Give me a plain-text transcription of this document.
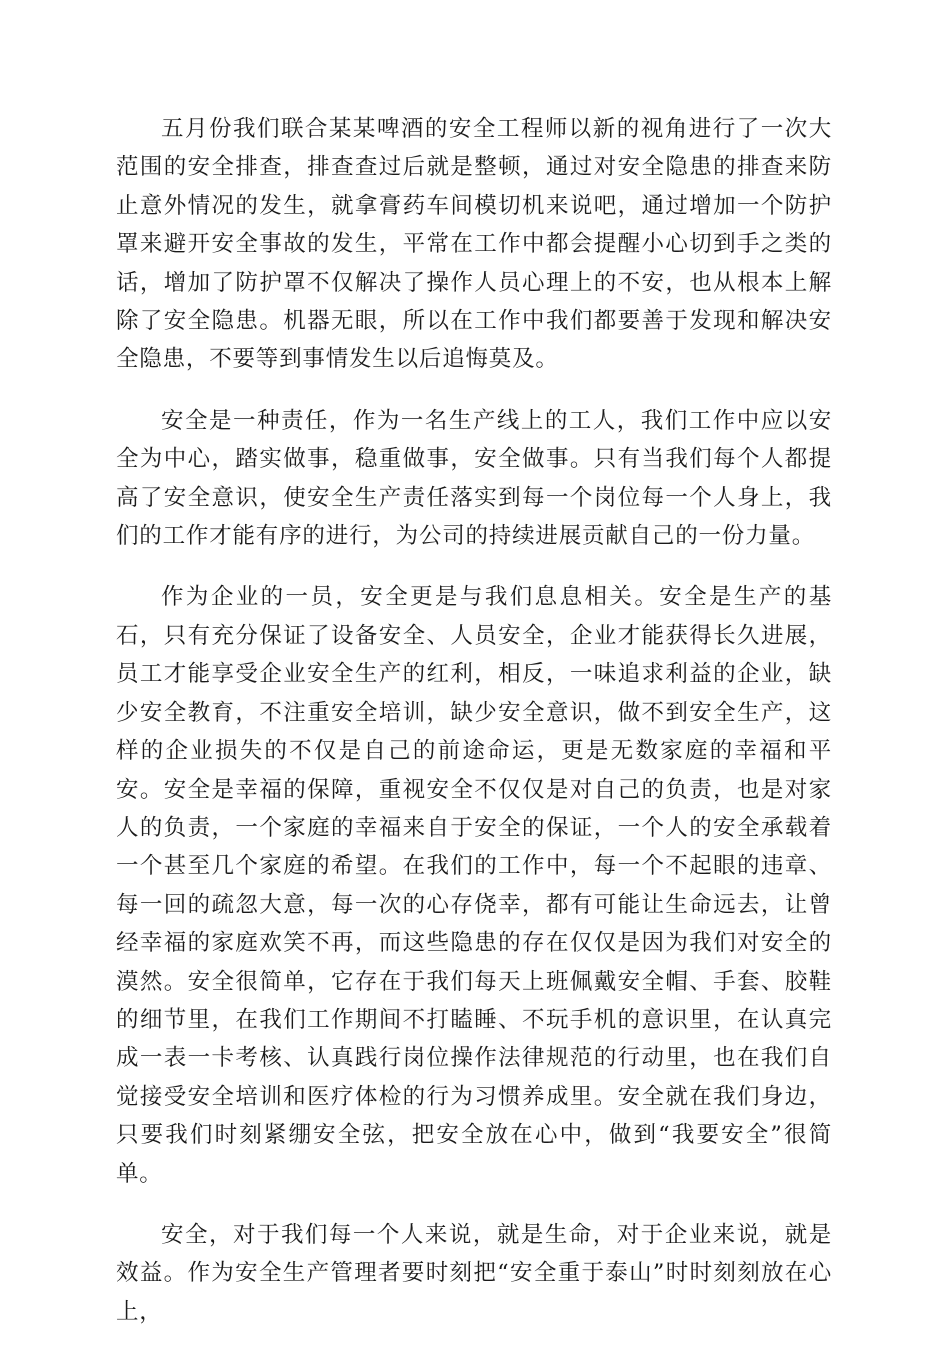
五月份我们联合某某啤酒的安全工程师以新的视角进行了一次大范围的安全排查，排查查过后就是整顿，通过对安全隐患的排查来防止意外情况的发生，就拿膏药车间模切机来说吧，通过增加一个防护罩来避开安全事故的发生，平常在工作中都会提醒小心切到手之类的话，增加了防护罩不仅解决了操作人员心理上的不安，也从根本上解除了安全隐患。机器无眼，所以在工作中我们都要善于发现和解决安全隐患，不要等到事情发生以后追悔莫及。

安全是一种责任，作为一名生产线上的工人，我们工作中应以安全为中心，踏实做事，稳重做事，安全做事。只有当我们每个人都提高了安全意识，使安全生产责任落实到每一个岗位每一个人身上，我们的工作才能有序的进行，为公司的持续进展贡献自己的一份力量。

作为企业的一员，安全更是与我们息息相关。安全是生产的基石，只有充分保证了设备安全、人员安全，企业才能获得长久进展，员工才能享受企业安全生产的红利，相反，一味追求利益的企业，缺少安全教育，不注重安全培训，缺少安全意识，做不到安全生产，这样的企业损失的不仅是自己的前途命运，更是无数家庭的幸福和平安。安全是幸福的保障，重视安全不仅仅是对自己的负责，也是对家人的负责，一个家庭的幸福来自于安全的保证，一个人的安全承载着一个甚至几个家庭的希望。在我们的工作中，每一个不起眼的违章、每一回的疏忽大意，每一次的心存侥幸，都有可能让生命远去，让曾经幸福的家庭欢笑不再，而这些隐患的存在仅仅是因为我们对安全的漠然。安全很简单，它存在于我们每天上班佩戴安全帽、手套、胶鞋的细节里，在我们工作期间不打瞌睡、不玩手机的意识里，在认真完成一表一卡考核、认真践行岗位操作法律规范的行动里，也在我们自觉接受安全培训和医疗体检的行为习惯养成里。安全就在我们身边，只要我们时刻紧绷安全弦，把安全放在心中，做到“我要安全”很简单。

安全，对于我们每一个人来说，就是生命，对于企业来说，就是效益。作为安全生产管理者要时刻把“安全重于泰山”时时刻刻放在心上，
